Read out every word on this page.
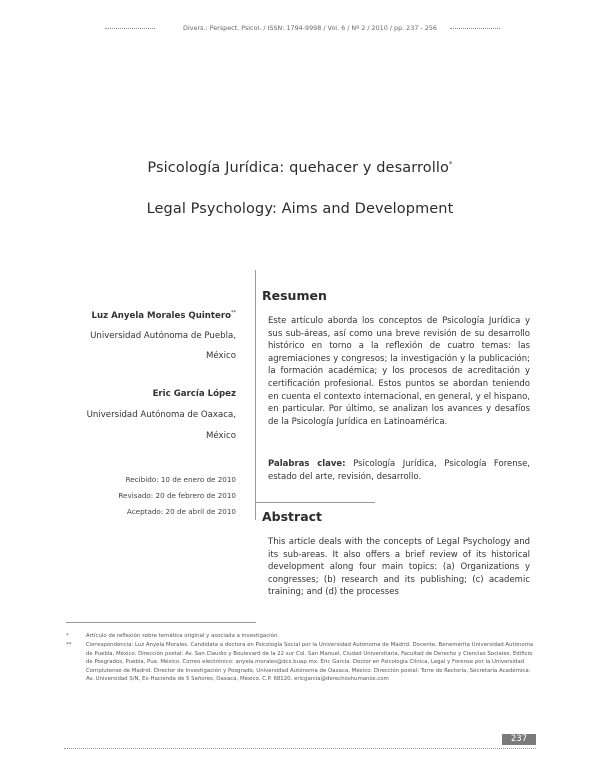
Divers.: Perspect. Psicol. / ISSN: 1794-9998 / Vol. 6 / Nº 2 / 2010 / pp. 237 - 256
Psicología Jurídica: quehacer y desarrollo*
Legal Psychology: Aims and Development
Luz Anyela Morales Quintero**
Universidad Autónoma de Puebla,
México
Eric García López
Universidad Autónoma de Oaxaca,
México
Recibido: 10 de enero de 2010
Revisado: 20 de febrero de 2010
Aceptado: 20 de abril de 2010
Resumen

Este artículo aborda los conceptos de Psicología Jurídica y sus sub-áreas, así como una breve revisión de su desarrollo histórico en torno a la reflexión de cuatro temas: las agremiaciones y congresos; la investigación y la publicación; la formación académica; y los procesos de acreditación y certificación profesional. Estos puntos se abordan teniendo en cuenta el contexto internacional, en general, y el hispano, en particular. Por último, se analizan los avances y desafíos de la Psicología Jurídica en Latinoamérica.

Palabras clave: Psicología Jurídica, Psicología Forense, estado del arte, revisión, desarrollo.

Abstract

This article deals with the concepts of Legal Psychology and its sub-areas. It also offers a brief review of its historical development along four main topics: (a) Organizations y congresses; (b) research and its publishing; (c) academic training; and (d) the processes

*	Artículo de reflexión sobre temática original y asociada a investigación.
**	Correspondencia: Luz Anyela Morales. Candidata a doctora en Psicología Social por la Universidad Autónoma de Madrid. Docente, Benemérita Universidad Autónoma de Puebla, México. Dirección postal: Av. San Claudio y Boulevard de la 22 sur Col. San Manuel, Ciudad Universitaria, Facultad de Derecho y Ciencias Sociales, Edificio de Posgrados, Puebla, Pue. México. Correo electrónico: anyela.morales@dcs.buap.mx. Eric García. Doctor en Psicología Clínica, Legal y Forense por la Universidad Complutense de Madrid. Director de Investigación y Posgrado, Universidad Autónoma de Oaxaca, México. Dirección postal: Torre de Rectoría, Secretaría Académica: Av. Universidad S/N, Ex-Hacienda de 5 Señores, Oaxaca, México. C.P. 68120. ericgarcia@derechoshumanos.com
237
